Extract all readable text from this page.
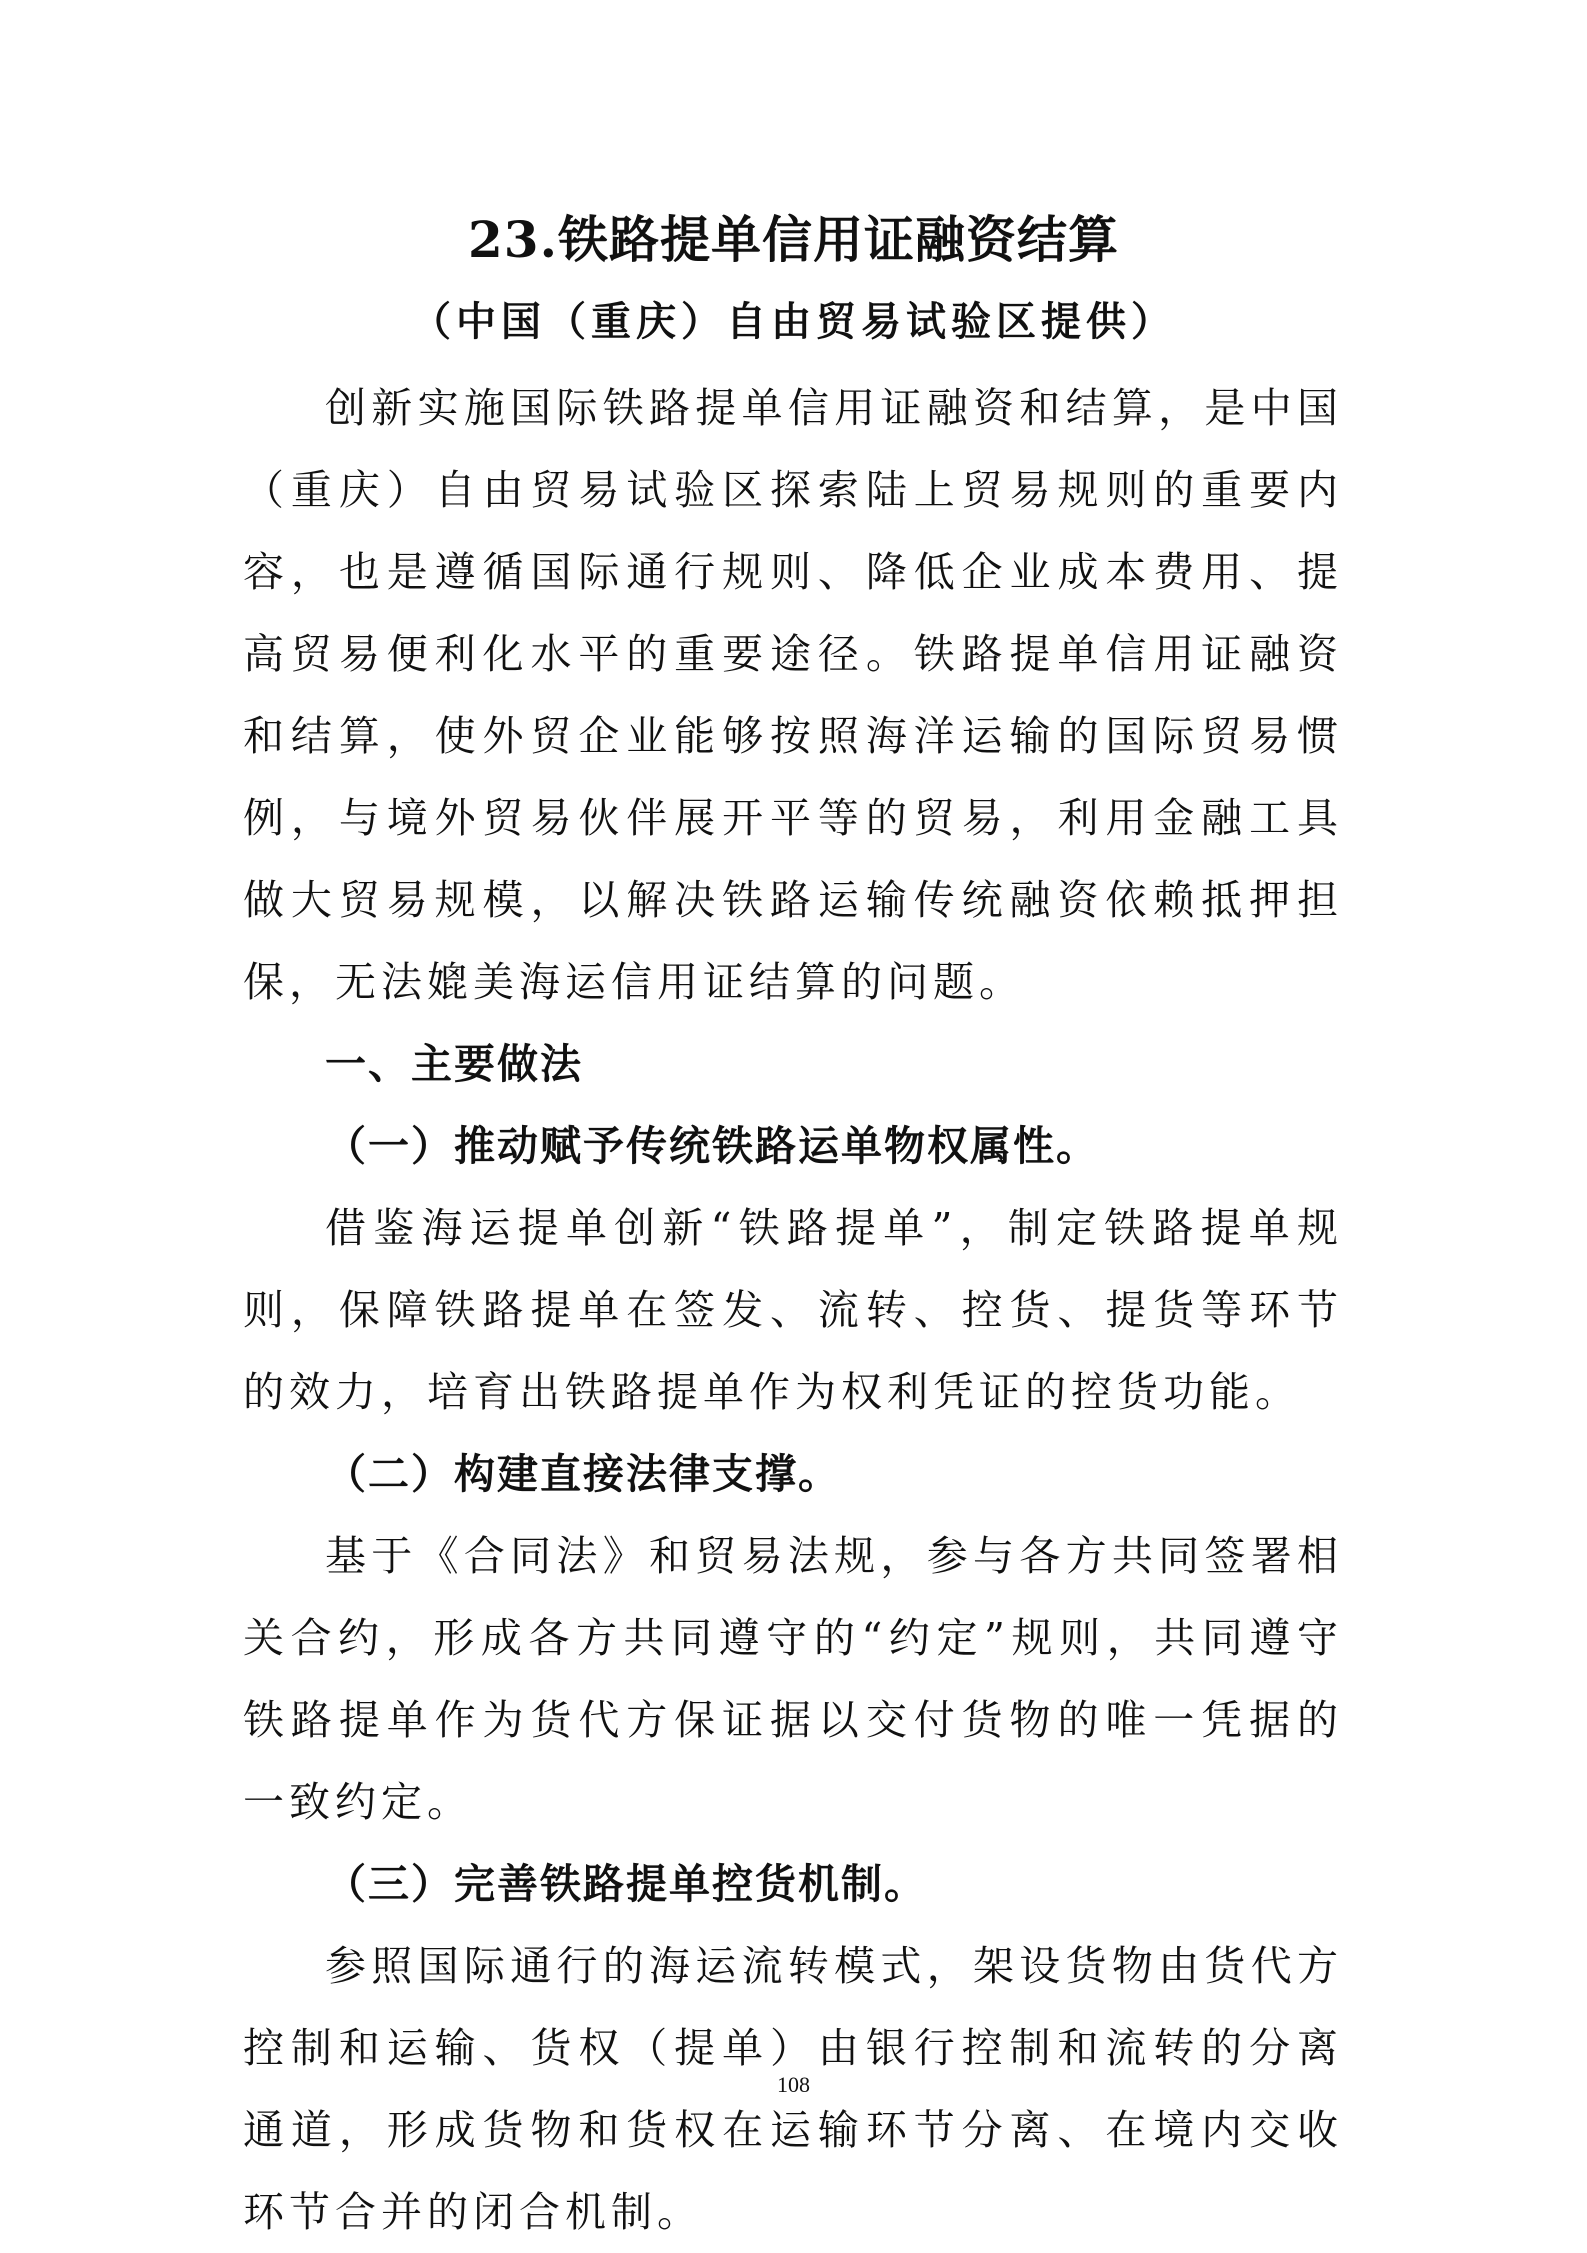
23.铁路提单信用证融资结算
（中国（重庆）自由贸易试验区提供）

创新实施国际铁路提单信用证融资和结算，是中国（重庆）自由贸易试验区探索陆上贸易规则的重要内容，也是遵循国际通行规则、降低企业成本费用、提高贸易便利化水平的重要途径。铁路提单信用证融资和结算，使外贸企业能够按照海洋运输的国际贸易惯例，与境外贸易伙伴展开平等的贸易，利用金融工具做大贸易规模，以解决铁路运输传统融资依赖抵押担保，无法媲美海运信用证结算的问题。

一、主要做法

（一）推动赋予传统铁路运单物权属性。

借鉴海运提单创新“铁路提单”，制定铁路提单规则，保障铁路提单在签发、流转、控货、提货等环节的效力，培育出铁路提单作为权利凭证的控货功能。

（二）构建直接法律支撑。

基于《合同法》和贸易法规，参与各方共同签署相关合约，形成各方共同遵守的“约定”规则，共同遵守铁路提单作为货代方保证据以交付货物的唯一凭据的一致约定。

（三）完善铁路提单控货机制。

参照国际通行的海运流转模式，架设货物由货代方控制和运输、货权（提单）由银行控制和流转的分离通道，形成货物和货权在运输环节分离、在境内交收环节合并的闭合机制。

108
